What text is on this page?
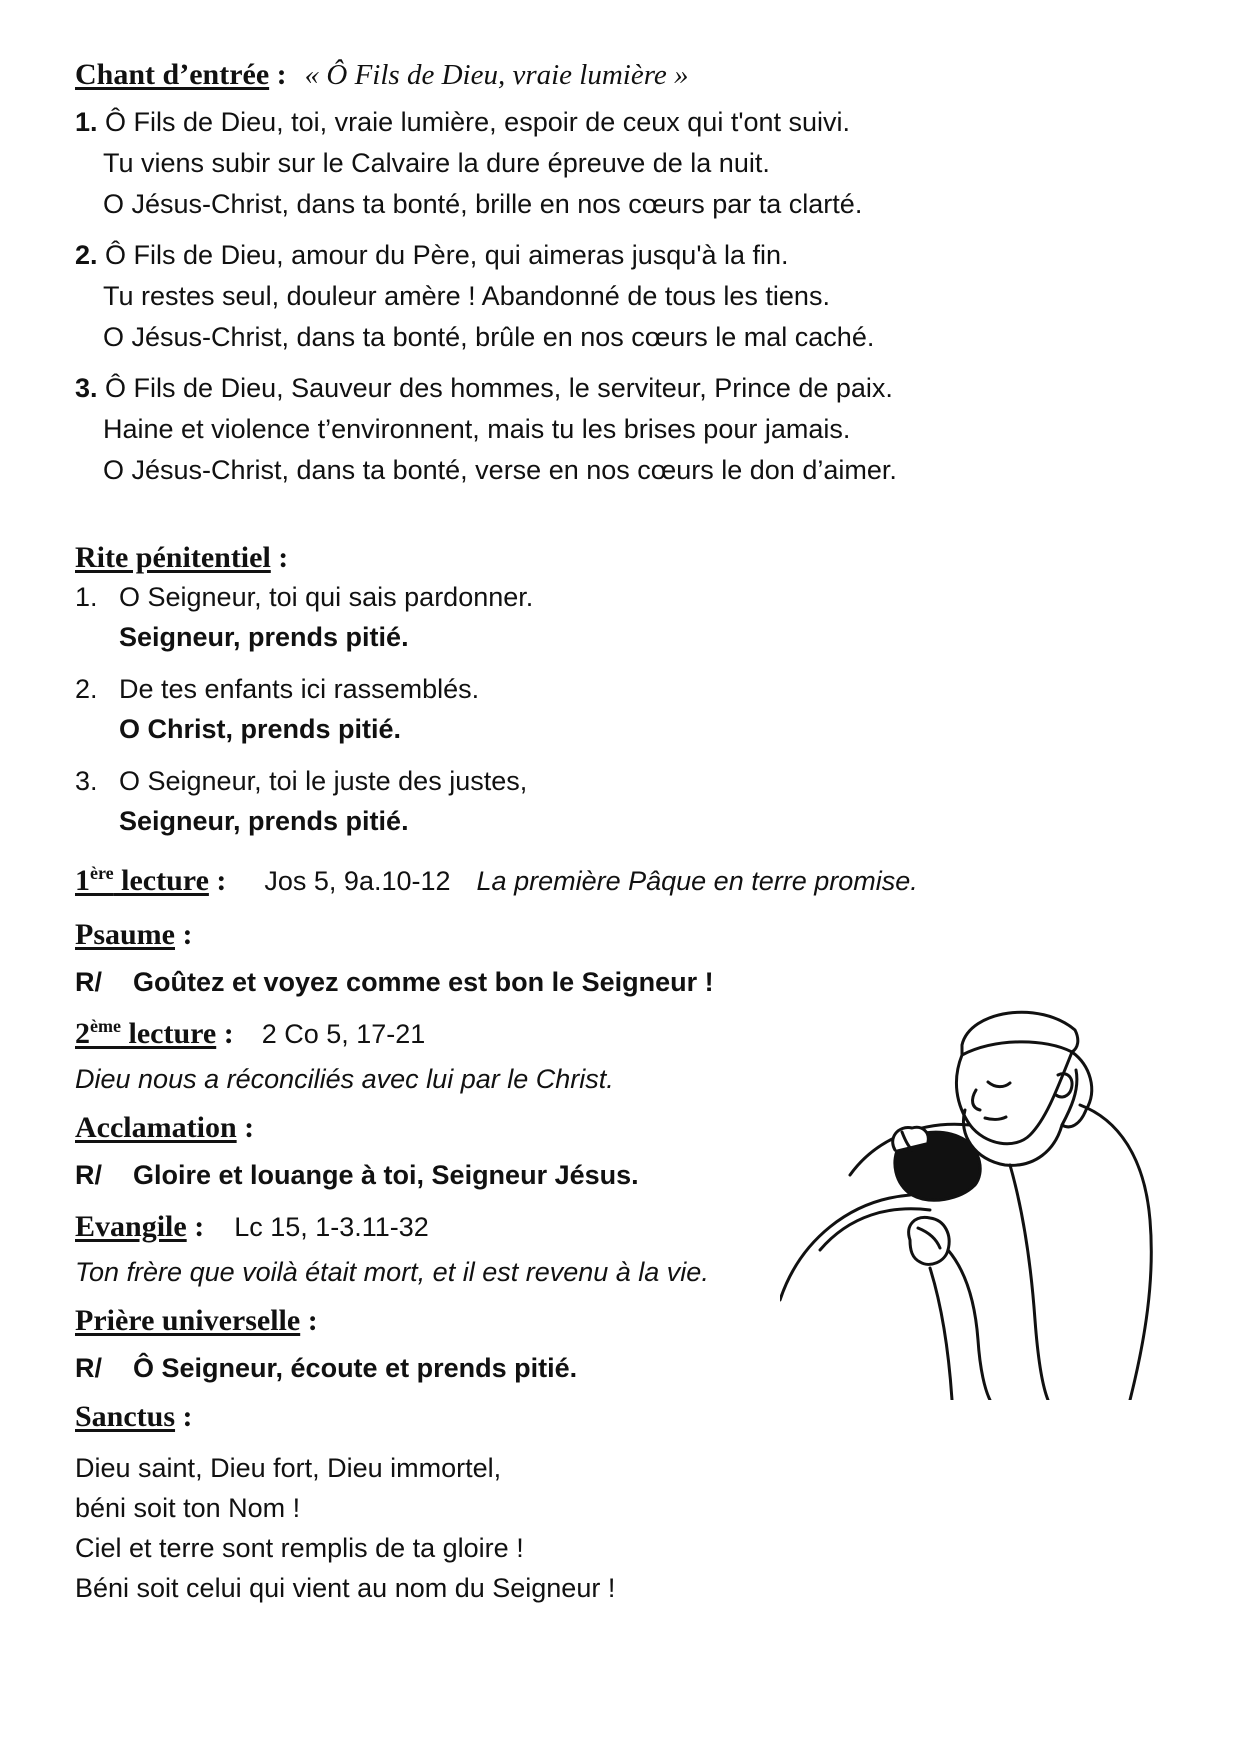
Chant d’entrée : « Ô Fils de Dieu, vraie lumière »
1. Ô Fils de Dieu, toi, vraie lumière, espoir de ceux qui t'ont suivi.
Tu viens subir sur le Calvaire la dure épreuve de la nuit.
O Jésus-Christ, dans ta bonté, brille en nos cœurs par ta clarté.
2. Ô Fils de Dieu, amour du Père, qui aimeras jusqu'à la fin.
Tu restes seul, douleur amère ! Abandonné de tous les tiens.
O Jésus-Christ, dans ta bonté, brûle en nos cœurs le mal caché.
3. Ô Fils de Dieu, Sauveur des hommes, le serviteur, Prince de paix.
Haine et violence t’environnent, mais tu les brises pour jamais.
O Jésus-Christ, dans ta bonté, verse en nos cœurs le don d’aimer.
Rite pénitentiel :
1. O Seigneur, toi qui sais pardonner.
Seigneur, prends pitié.
2. De tes enfants ici rassemblés.
O Christ, prends pitié.
3. O Seigneur, toi le juste des justes,
Seigneur, prends pitié.
1ère lecture : Jos 5, 9a.10-12 La première Pâque en terre promise.
Psaume :
R/ Goûtez et voyez comme est bon le Seigneur !
2ème lecture : 2 Co 5, 17-21
Dieu nous a réconciliés avec lui par le Christ.
Acclamation :
R/ Gloire et louange à toi, Seigneur Jésus.
Evangile : Lc 15, 1-3.11-32
Ton frère que voilà était mort, et il est revenu à la vie.
Prière universelle :
R/ Ô Seigneur, écoute et prends pitié.
Sanctus :
Dieu saint, Dieu fort, Dieu immortel,
béni soit ton Nom !
Ciel et terre sont remplis de ta gloire !
Béni soit celui qui vient au nom du Seigneur !
